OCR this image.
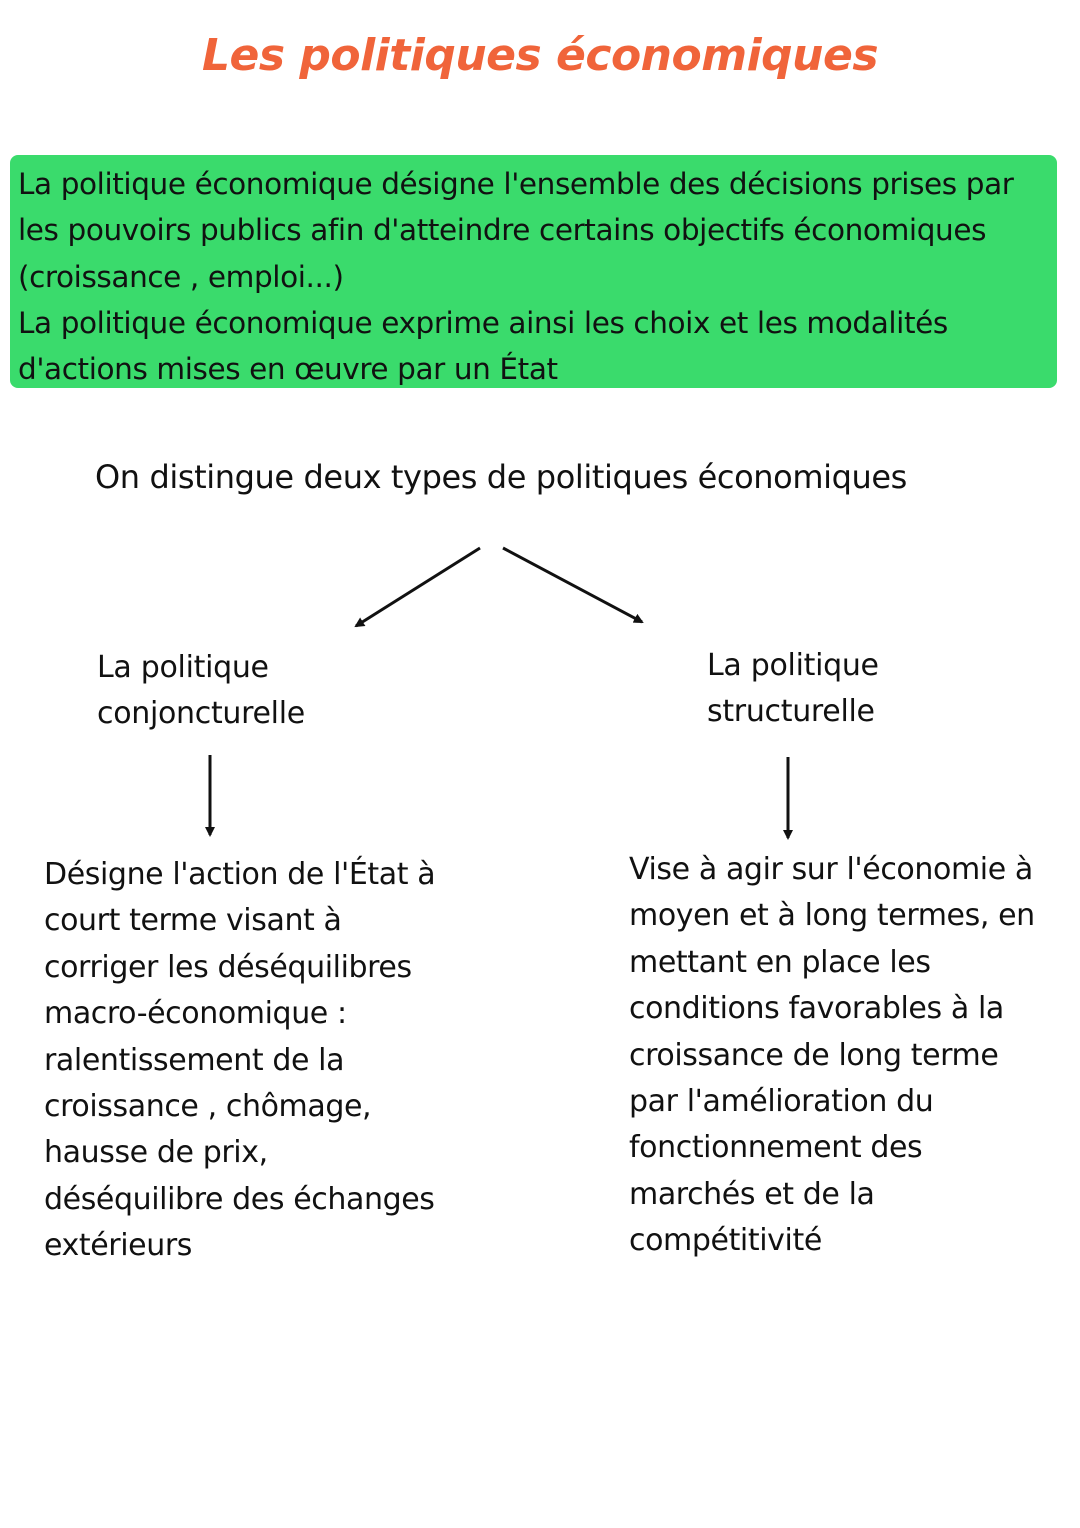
Les politiques économiques

La politique économique désigne l'ensemble des décisions prises par

les pouvoirs publics afin d'atteindre certains objectifs économiques

(croissance , emploi...)

La politique économique exprime ainsi les choix et les modalités

d'actions mises en œuvre par un État

On distingue deux types de politiques économiques

La politique
conjoncturelle
La politique
structurelle
Désigne l'action de l'État à
court terme visant à
corriger les déséquilibres
macro-économique :
ralentissement de la
croissance , chômage,
hausse de prix,
déséquilibre des échanges
extérieurs
Vise à agir sur l'économie à
moyen et à long termes, en
mettant en place les
conditions favorables à la
croissance de long terme
par l'amélioration du
fonctionnement des
marchés et de la
compétitivité
